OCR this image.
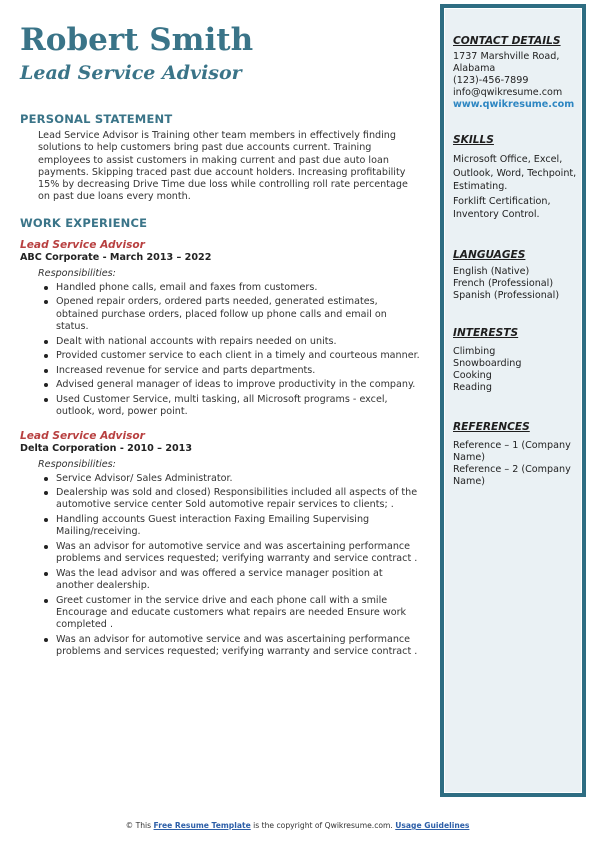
Robert Smith
Lead Service Advisor
PERSONAL STATEMENT

Lead Service Advisor is Training other team members in effectively finding solutions to help customers bring past due accounts current. Training employees to assist customers in making current and past due auto loan payments. Skipping traced past due account holders. Increasing profitability 15% by decreasing Drive Time due loss while controlling roll rate percentage on past due loans every month.

WORK EXPERIENCE
Lead Service Advisor
ABC Corporate - March 2013 – 2022
Responsibilities:
Handled phone calls, email and faxes from customers.
Opened repair orders, ordered parts needed, generated estimates, obtained purchase orders, placed follow up phone calls and email on status.
Dealt with national accounts with repairs needed on units.
Provided customer service to each client in a timely and courteous manner.
Increased revenue for service and parts departments.
Advised general manager of ideas to improve productivity in the company.
Used Customer Service, multi tasking, all Microsoft programs - excel, outlook, word, power point.
Lead Service Advisor
Delta Corporation - 2010 – 2013
Responsibilities:
Service Advisor/ Sales Administrator.
Dealership was sold and closed) Responsibilities included all aspects of the automotive service center Sold automotive repair services to clients; .
Handling accounts Guest interaction Faxing Emailing Supervising Mailing/receiving.
Was an advisor for automotive service and was ascertaining performance problems and services requested; verifying warranty and service contract .
Was the lead advisor and was offered a service manager position at another dealership.
Greet customer in the service drive and each phone call with a smile Encourage and educate customers what repairs are needed Ensure work completed .
Was an advisor for automotive service and was ascertaining performance problems and services requested; verifying warranty and service contract .
CONTACT DETAILS
1737 Marshville Road, Alabama
(123)-456-7899
info@qwikresume.com
www.qwikresume.com
SKILLS
Microsoft Office, Excel, Outlook, Word, Techpoint, Estimating.
Forklift Certification, Inventory Control.
LANGUAGES
English (Native)
French (Professional)
Spanish (Professional)
INTERESTS
Climbing
Snowboarding
Cooking
Reading
REFERENCES
Reference – 1 (Company Name)
Reference – 2 (Company Name)
© This Free Resume Template is the copyright of Qwikresume.com. Usage Guidelines
